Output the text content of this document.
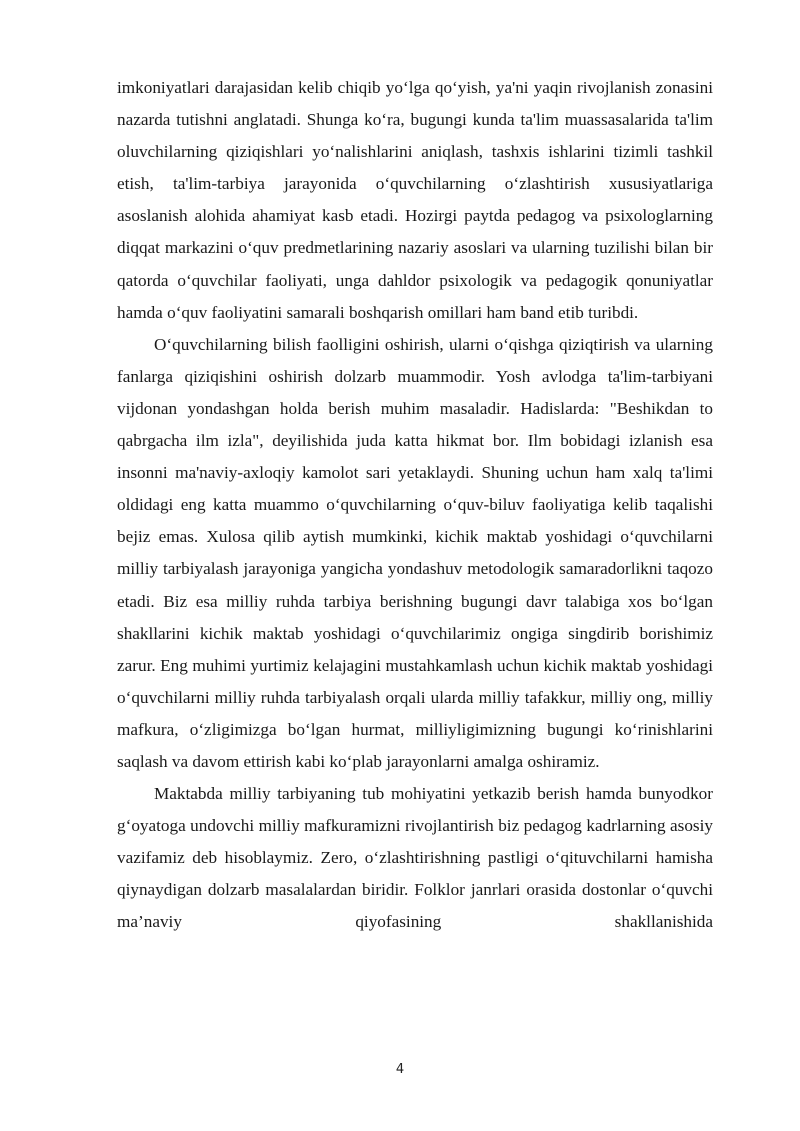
imkoniyatlari darajasidan kelib chiqib yo‘lga qo‘yish, ya'ni yaqin rivojlanish zonasini nazarda tutishni anglatadi. Shunga ko‘ra, bugungi kunda ta'lim muassasalarida ta'lim oluvchilarning qiziqishlari yo‘nalishlarini aniqlash, tashxis ishlarini tizimli tashkil etish, ta'lim-tarbiya jarayonida o‘quvchilarning o‘zlashtirish xususiyatlariga asoslanish alohida ahamiyat kasb etadi. Hozirgi paytda pedagog va psixologlarning diqqat markazini o‘quv predmetlarining nazariy asoslari va ularning tuzilishi bilan bir qatorda o‘quvchilar faoliyati, unga dahldor psixologik va pedagogik qonuniyatlar hamda o‘quv faoliyatini samarali boshqarish omillari ham band etib turibdi.

O‘quvchilarning bilish faolligini oshirish, ularni o‘qishga qiziqtirish va ularning fanlarga qiziqishini oshirish dolzarb muammodir. Yosh avlodga ta'lim-tarbiyani vijdonan yondashgan holda berish muhim masaladir. Hadislarda: "Beshikdan to qabrgacha ilm izla", deyilishida juda katta hikmat bor. Ilm bobidagi izlanish esa insonni ma'naviy-axloqiy kamolot sari yetaklaydi. Shuning uchun ham xalq ta'limi oldidagi eng katta muammo o‘quvchilarning o‘quv-biluv faoliyatiga kelib taqalishi bejiz emas. Xulosa qilib aytish mumkinki, kichik maktab yoshidagi o‘quvchilarni milliy tarbiyalash jarayoniga yangicha yondashuv metodologik samaradorlikni taqozo etadi. Biz esa milliy ruhda tarbiya berishning bugungi davr talabiga xos bo‘lgan shakllarini kichik maktab yoshidagi o‘quvchilarimiz ongiga singdirib borishimiz zarur. Eng muhimi yurtimiz kelajagini mustahkamlash uchun kichik maktab yoshidagi o‘quvchilarni milliy ruhda tarbiyalash orqali ularda milliy tafakkur, milliy ong, milliy mafkura, o‘zligimizga bo‘lgan hurmat, milliyligimizning bugungi ko‘rinishlarini saqlash va davom ettirish kabi ko‘plab jarayonlarni amalga oshiramiz.

Maktabda milliy tarbiyaning tub mohiyatini yetkazib berish hamda bunyodkor g‘oyatoga undovchi milliy mafkuramizni rivojlantirish biz pedagog kadrlarning asosiy vazifamiz deb hisoblaymiz. Zero, o‘zlashtirishning pastligi o‘qituvchilarni hamisha qiynaydigan dolzarb masalalardan biridir. Folklor janrlari orasida dostonlar o‘quvchi ma’naviy qiyofasining shakllanishida

4
